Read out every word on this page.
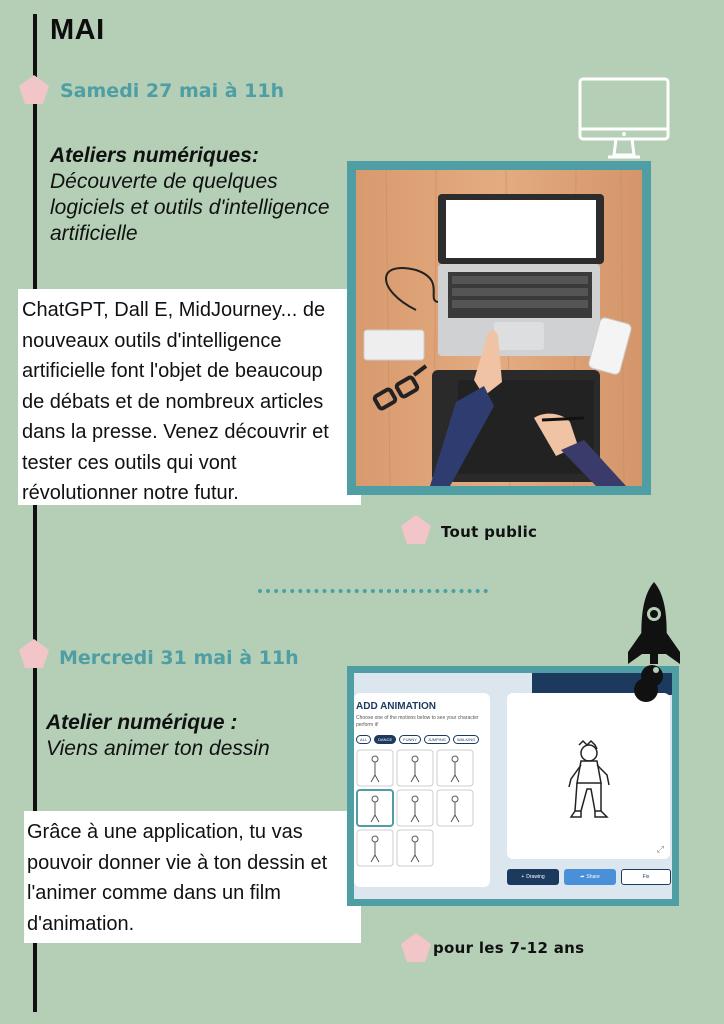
MAI
Samedi 27 mai à 11h
Ateliers numériques:
Découverte de quelques logiciels et outils d'intelligence artificielle
ChatGPT, Dall E, MidJourney... de nouveaux outils d'intelligence artificielle font l'objet de beaucoup de débats et de nombreux articles dans la presse. Venez découvrir et tester ces outils qui vont révolutionner notre futur.
Tout public
Mercredi 31 mai à 11h
Atelier numérique :
Viens animer ton dessin
Grâce à une application, tu vas pouvoir donner vie à ton dessin et l'animer comme dans un film d'animation.
ADD ANIMATION
Choose one of the motions below to see your character perform it!
ALL	DANCE	FUNNY	JUMPING	WALKING
⤢
+ Drawing	➦ Share	Fix
pour les 7-12 ans
